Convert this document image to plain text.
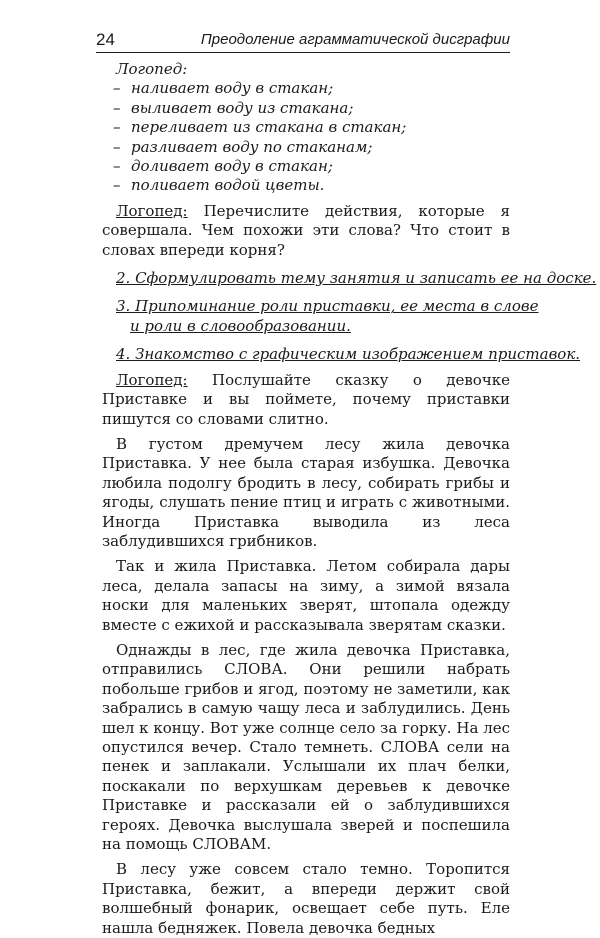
24	Преодоление аграмматической дисграфии
Логопед:
– наливает воду в стакан;
– выливает воду из стакана;
– переливает из стакана в стакан;
– разливает воду по стаканам;
– доливает воду в стакан;
– поливает водой цветы.

Логопед: Перечислите действия, которые я совершала. Чем похожи эти слова? Что стоит в словах впереди корня?

2. Сформулировать тему занятия и записать ее на доске.
3. Припоминание роли приставки, ее места в слове
и роли в словообразовании.
4. Знакомство с графическим изображением приставок.

Логопед: Послушайте сказку о девочке Приставке и вы поймете, почему приставки пишутся со словами слитно.

В густом дремучем лесу жила девочка Приставка. У нее была старая избушка. Девочка любила подолгу бродить в лесу, собирать грибы и ягоды, слушать пение птиц и играть с животными. Иногда Приставка выводила из леса заблудившихся грибников.

Так и жила Приставка. Летом собирала дары леса, делала запасы на зиму, а зимой вязала носки для маленьких зверят, штопала одежду вместе с ежихой и рассказывала зверятам сказки.

Однажды в лес, где жила девочка Приставка, отправились СЛОВА. Они решили набрать побольше грибов и ягод, поэтому не заметили, как забрались в самую чащу леса и заблудились. День шел к концу. Вот уже солнце село за горку. На лес опустился вечер. Стало темнеть. СЛОВА сели на пенек и заплакали. Услышали их плач белки, поскакали по верхушкам деревьев к девочке Приставке и рассказали ей о заблудившихся героях. Девочка выслушала зверей и поспешила на помощь СЛОВАМ.

В лесу уже совсем стало темно. Торопится Приставка, бежит, а впереди держит свой волшебный фонарик, освещает себе путь. Еле нашла бедняжек. Повела девочка бедных
